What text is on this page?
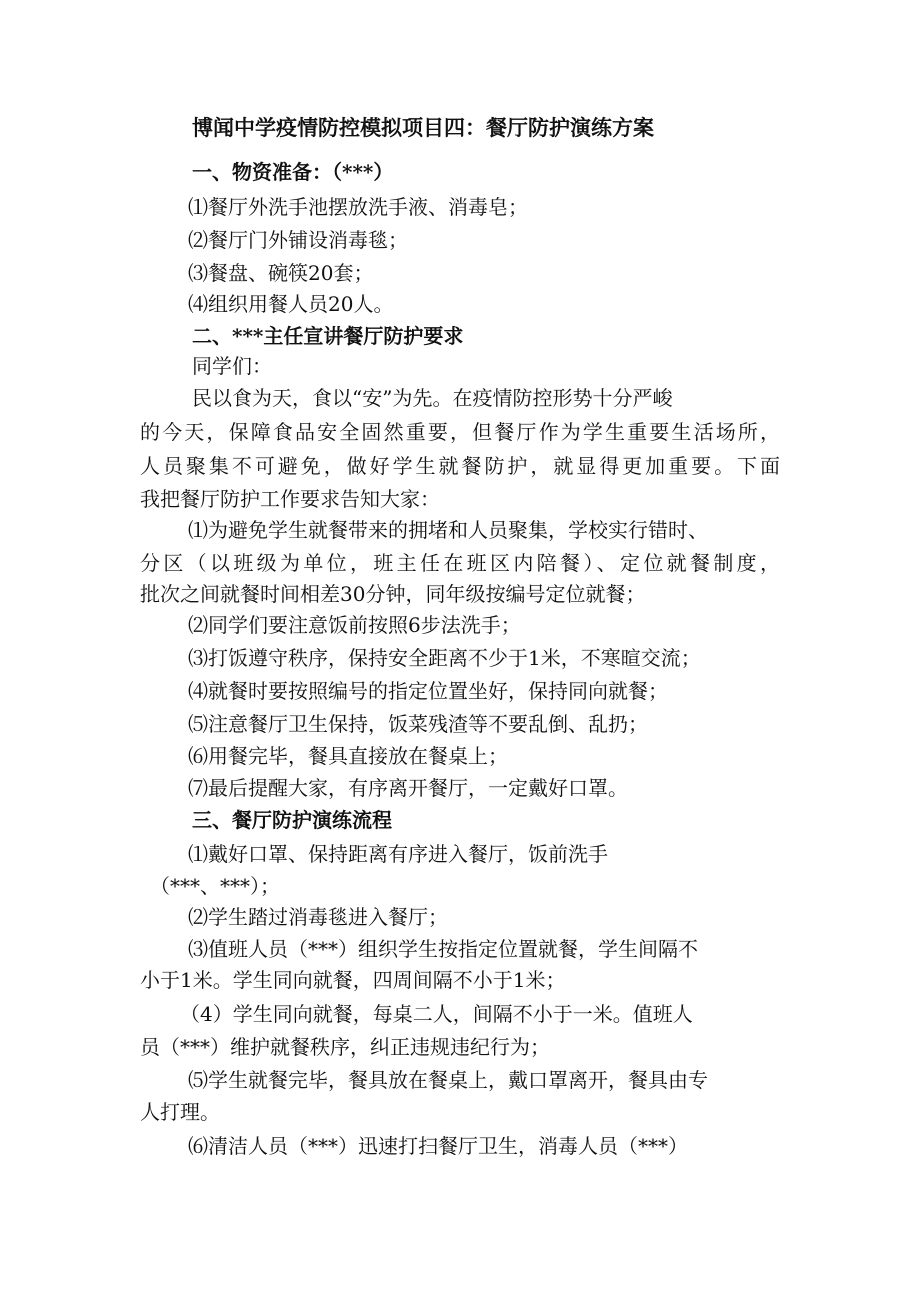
博闻中学疫情防控模拟项目四：餐厅防护演练方案
一、物资准备：（***）
⑴餐厅外洗手池摆放洗手液、消毒皂；
⑵餐厅门外铺设消毒毯；
⑶餐盘、碗筷20套；
⑷组织用餐人员20人。
二、***主任宣讲餐厅防护要求
同学们：
民以食为天，食以“安”为先。在疫情防控形势十分严峻
的今天，保障食品安全固然重要，但餐厅作为学生重要生活场所，
人员聚集不可避免，做好学生就餐防护，就显得更加重要。下面
我把餐厅防护工作要求告知大家：
⑴为避免学生就餐带来的拥堵和人员聚集，学校实行错时、
分区（以班级为单位，班主任在班区内陪餐）、定位就餐制度，
批次之间就餐时间相差30分钟，同年级按编号定位就餐；
⑵同学们要注意饭前按照6步法洗手；
⑶打饭遵守秩序，保持安全距离不少于1米，不寒暄交流；
⑷就餐时要按照编号的指定位置坐好，保持同向就餐；
⑸注意餐厅卫生保持，饭菜残渣等不要乱倒、乱扔；
⑹用餐完毕，餐具直接放在餐桌上；
⑺最后提醒大家，有序离开餐厅，一定戴好口罩。
三、餐厅防护演练流程
⑴戴好口罩、保持距离有序进入餐厅，饭前洗手
（***、***）；
⑵学生踏过消毒毯进入餐厅；
⑶值班人员（***）组织学生按指定位置就餐，学生间隔不
小于1米。学生同向就餐，四周间隔不小于1米；
（4）学生同向就餐，每桌二人，间隔不小于一米。值班人
员（***）维护就餐秩序，纠正违规违纪行为；
⑸学生就餐完毕，餐具放在餐桌上，戴口罩离开，餐具由专
人打理。
⑹清洁人员（***）迅速打扫餐厅卫生，消毒人员（***）
